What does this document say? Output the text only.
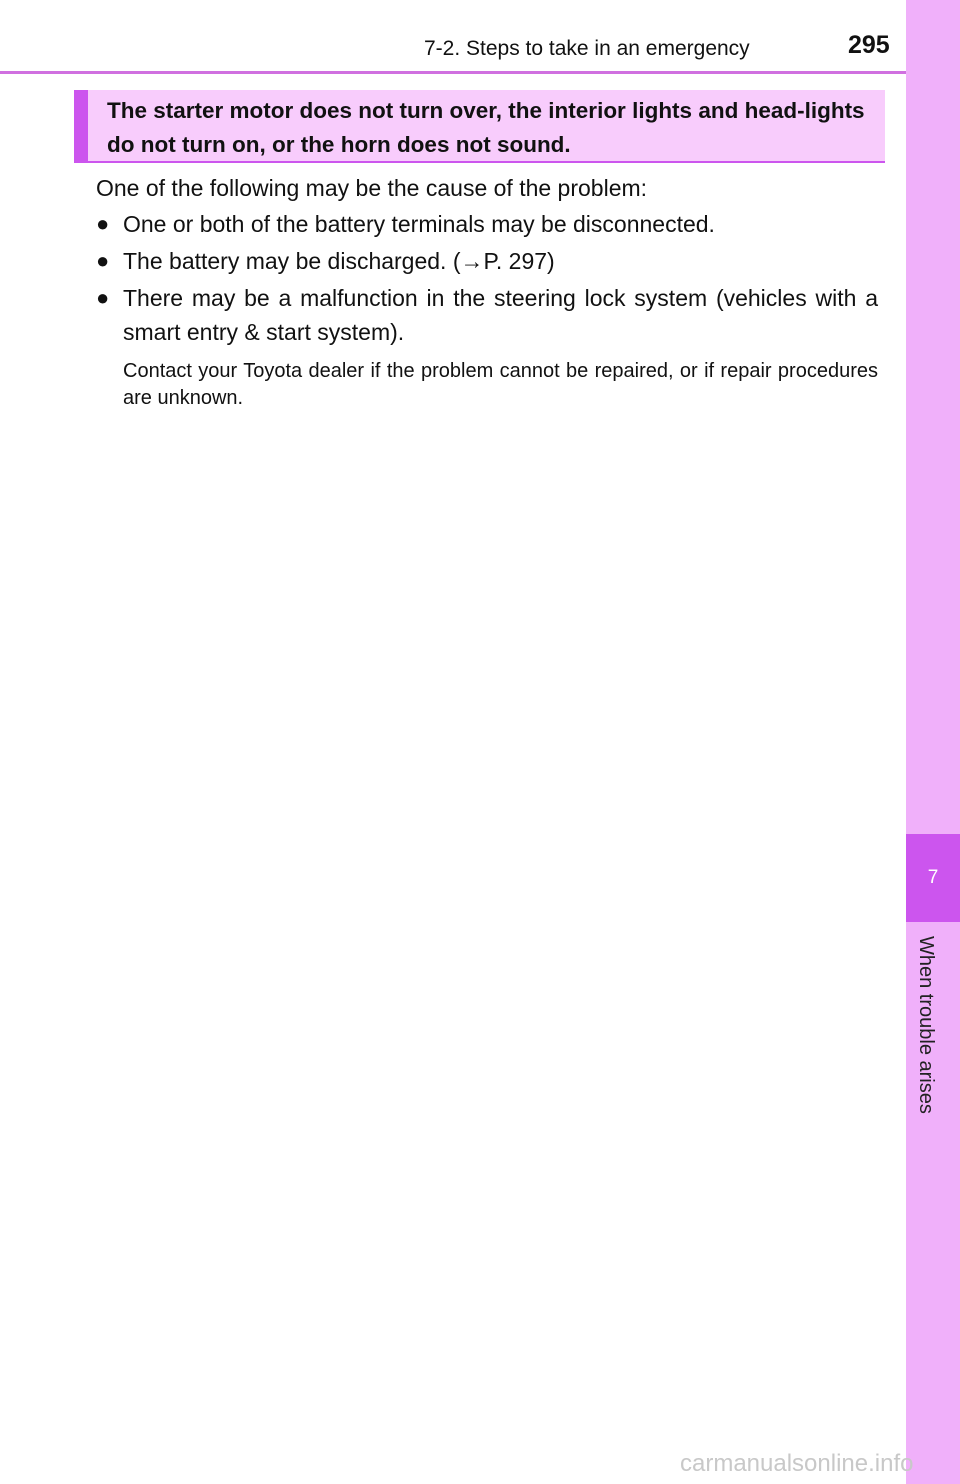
7-2. Steps to take in an emergency	295
7
When trouble arises
The starter motor does not turn over, the interior lights and head-lights do not turn on, or the horn does not sound.
One of the following may be the cause of the problem:
● One or both of the battery terminals may be disconnected.
● The battery may be discharged. (→P. 297)
● There may be a malfunction in the steering lock system (vehicles with a smart entry & start system).
Contact your Toyota dealer if the problem cannot be repaired, or if repair procedures are unknown.
carmanualsonline.info
